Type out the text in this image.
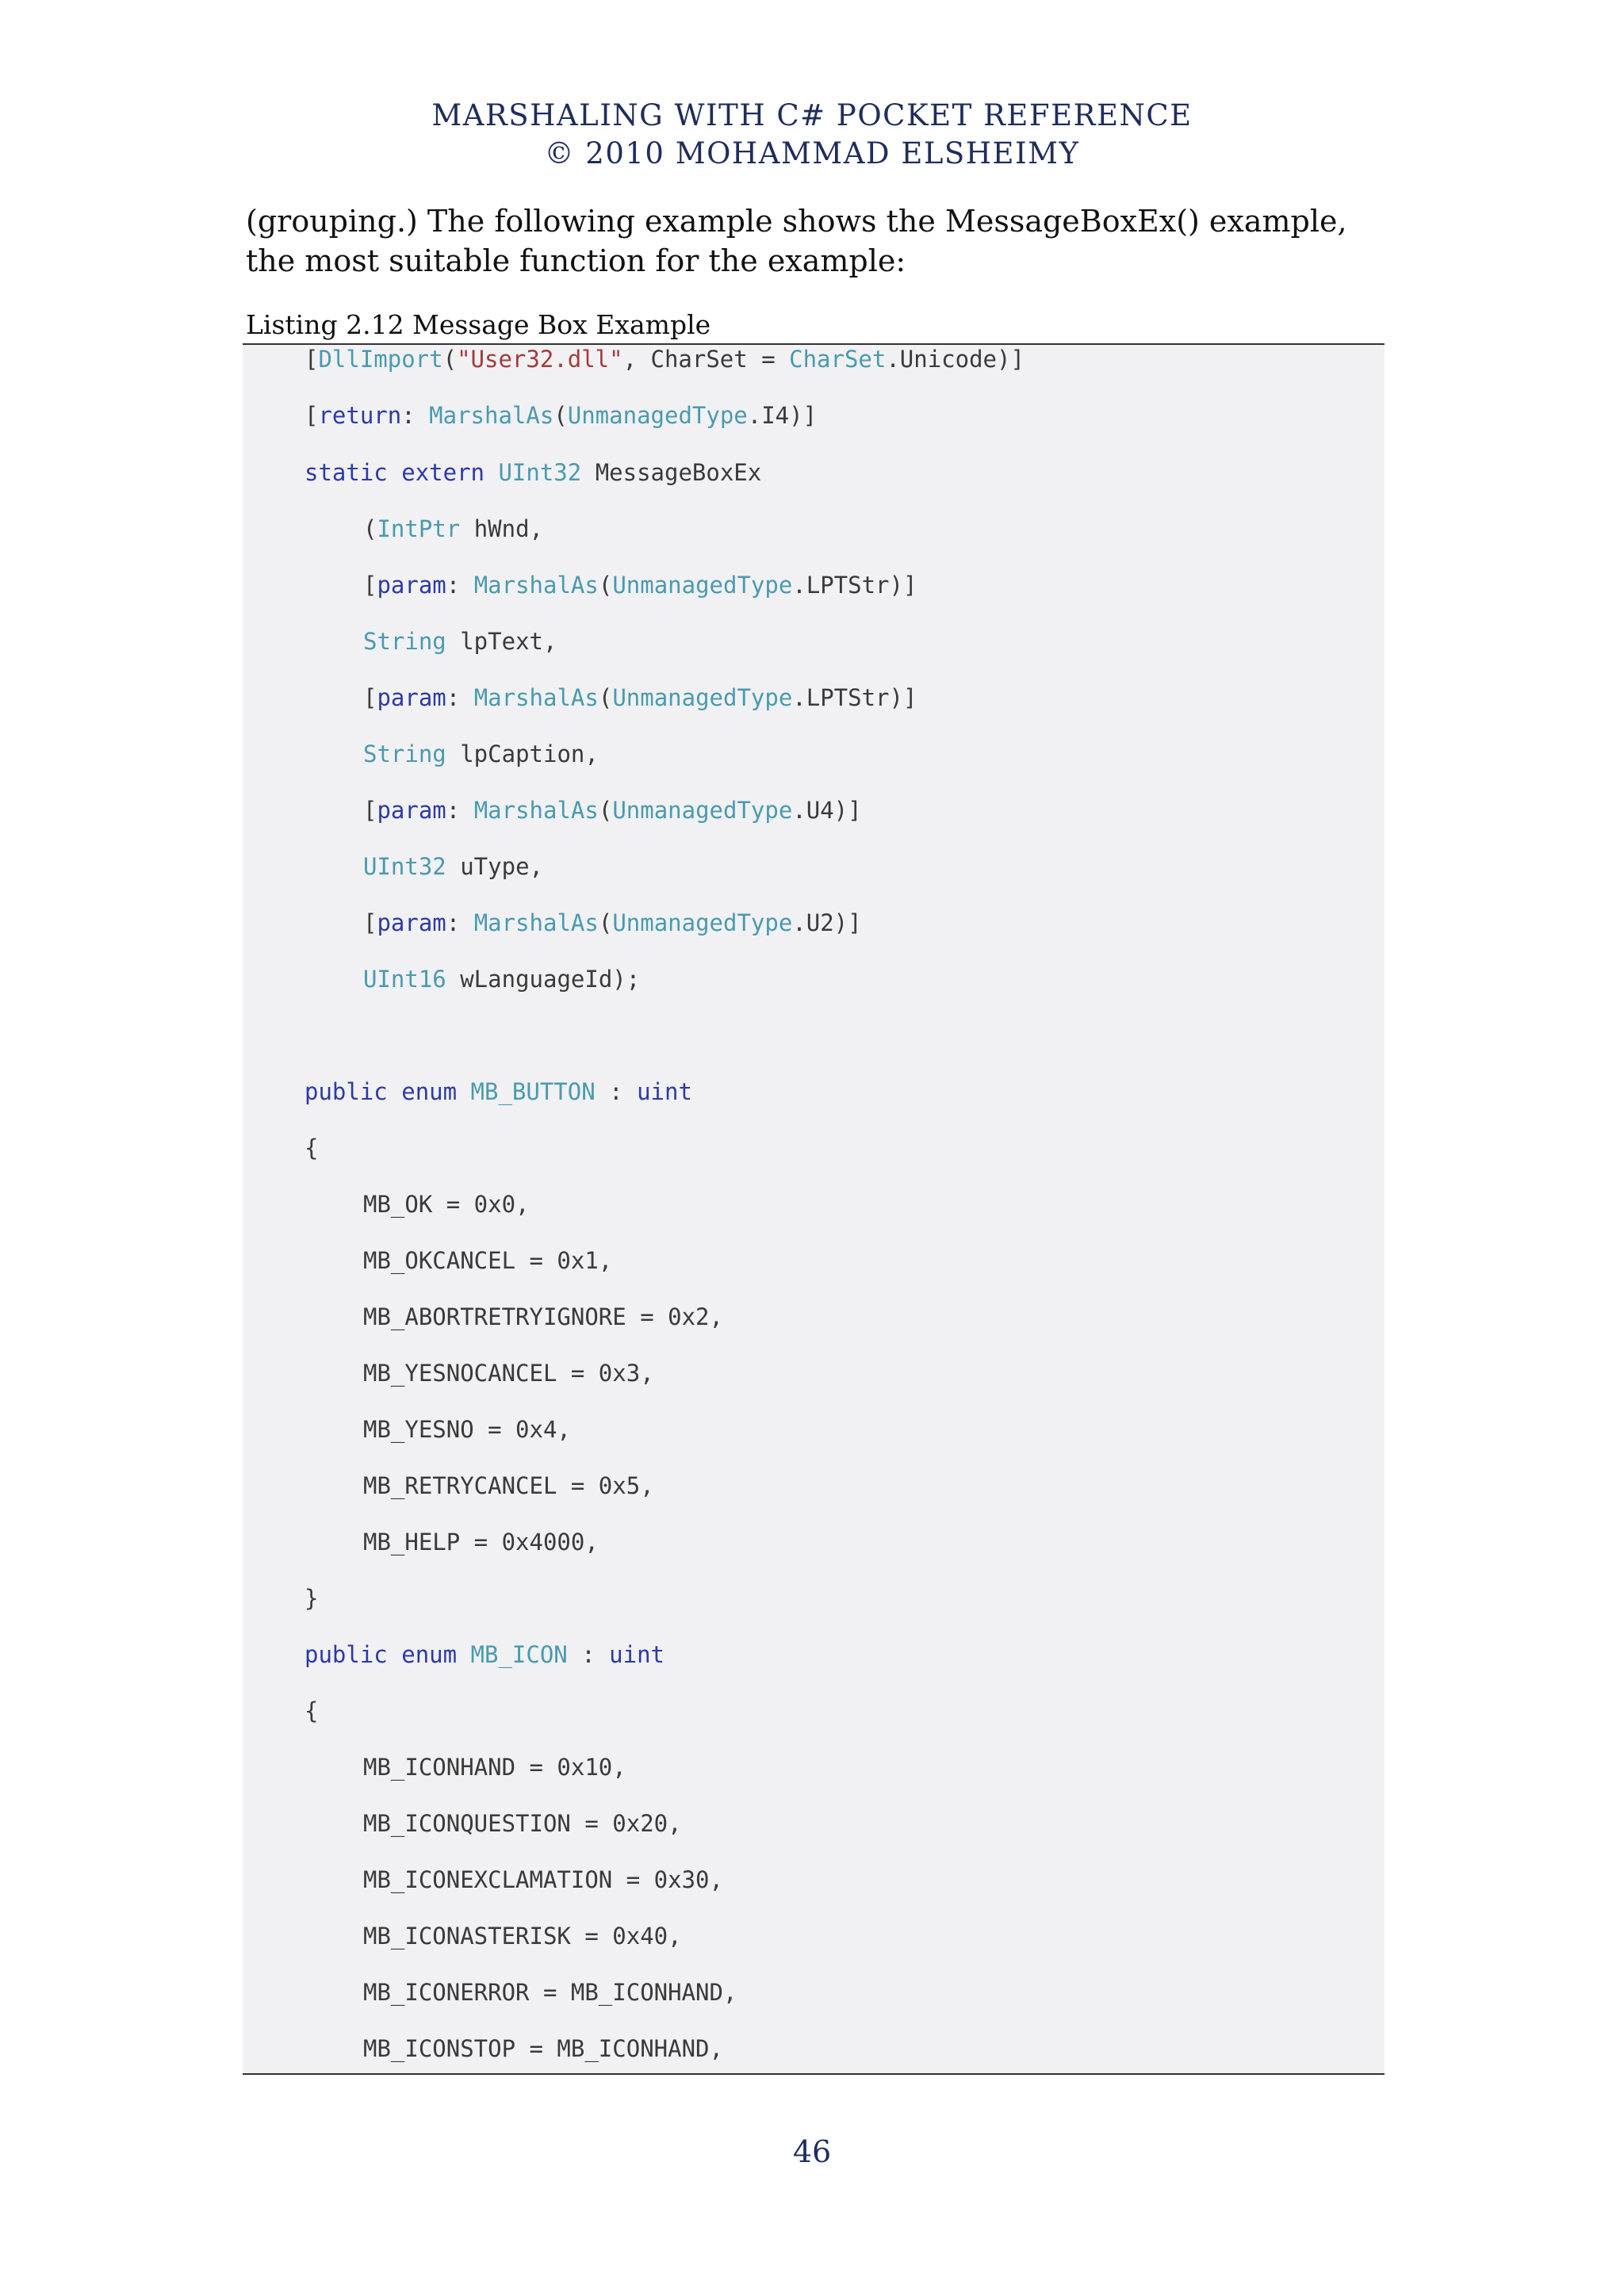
MARSHALING WITH C# POCKET REFERENCE
© 2010 MOHAMMAD ELSHEIMY
(grouping.) The following example shows the MessageBoxEx() example, the most suitable function for the example:
Listing 2.12 Message Box Example
[DllImport("User32.dll", CharSet = CharSet.Unicode)]
[return: MarshalAs(UnmanagedType.I4)]
static extern UInt32 MessageBoxEx
(IntPtr hWnd,
[param: MarshalAs(UnmanagedType.LPTStr)]
String lpText,
[param: MarshalAs(UnmanagedType.LPTStr)]
String lpCaption,
[param: MarshalAs(UnmanagedType.U4)]
UInt32 uType,
[param: MarshalAs(UnmanagedType.U2)]
UInt16 wLanguageId);
public enum MB_BUTTON : uint
{
MB_OK = 0x0,
MB_OKCANCEL = 0x1,
MB_ABORTRETRYIGNORE = 0x2,
MB_YESNOCANCEL = 0x3,
MB_YESNO = 0x4,
MB_RETRYCANCEL = 0x5,
MB_HELP = 0x4000,
}
public enum MB_ICON : uint
{
MB_ICONHAND = 0x10,
MB_ICONQUESTION = 0x20,
MB_ICONEXCLAMATION = 0x30,
MB_ICONASTERISK = 0x40,
MB_ICONERROR = MB_ICONHAND,
MB_ICONSTOP = MB_ICONHAND,
46
